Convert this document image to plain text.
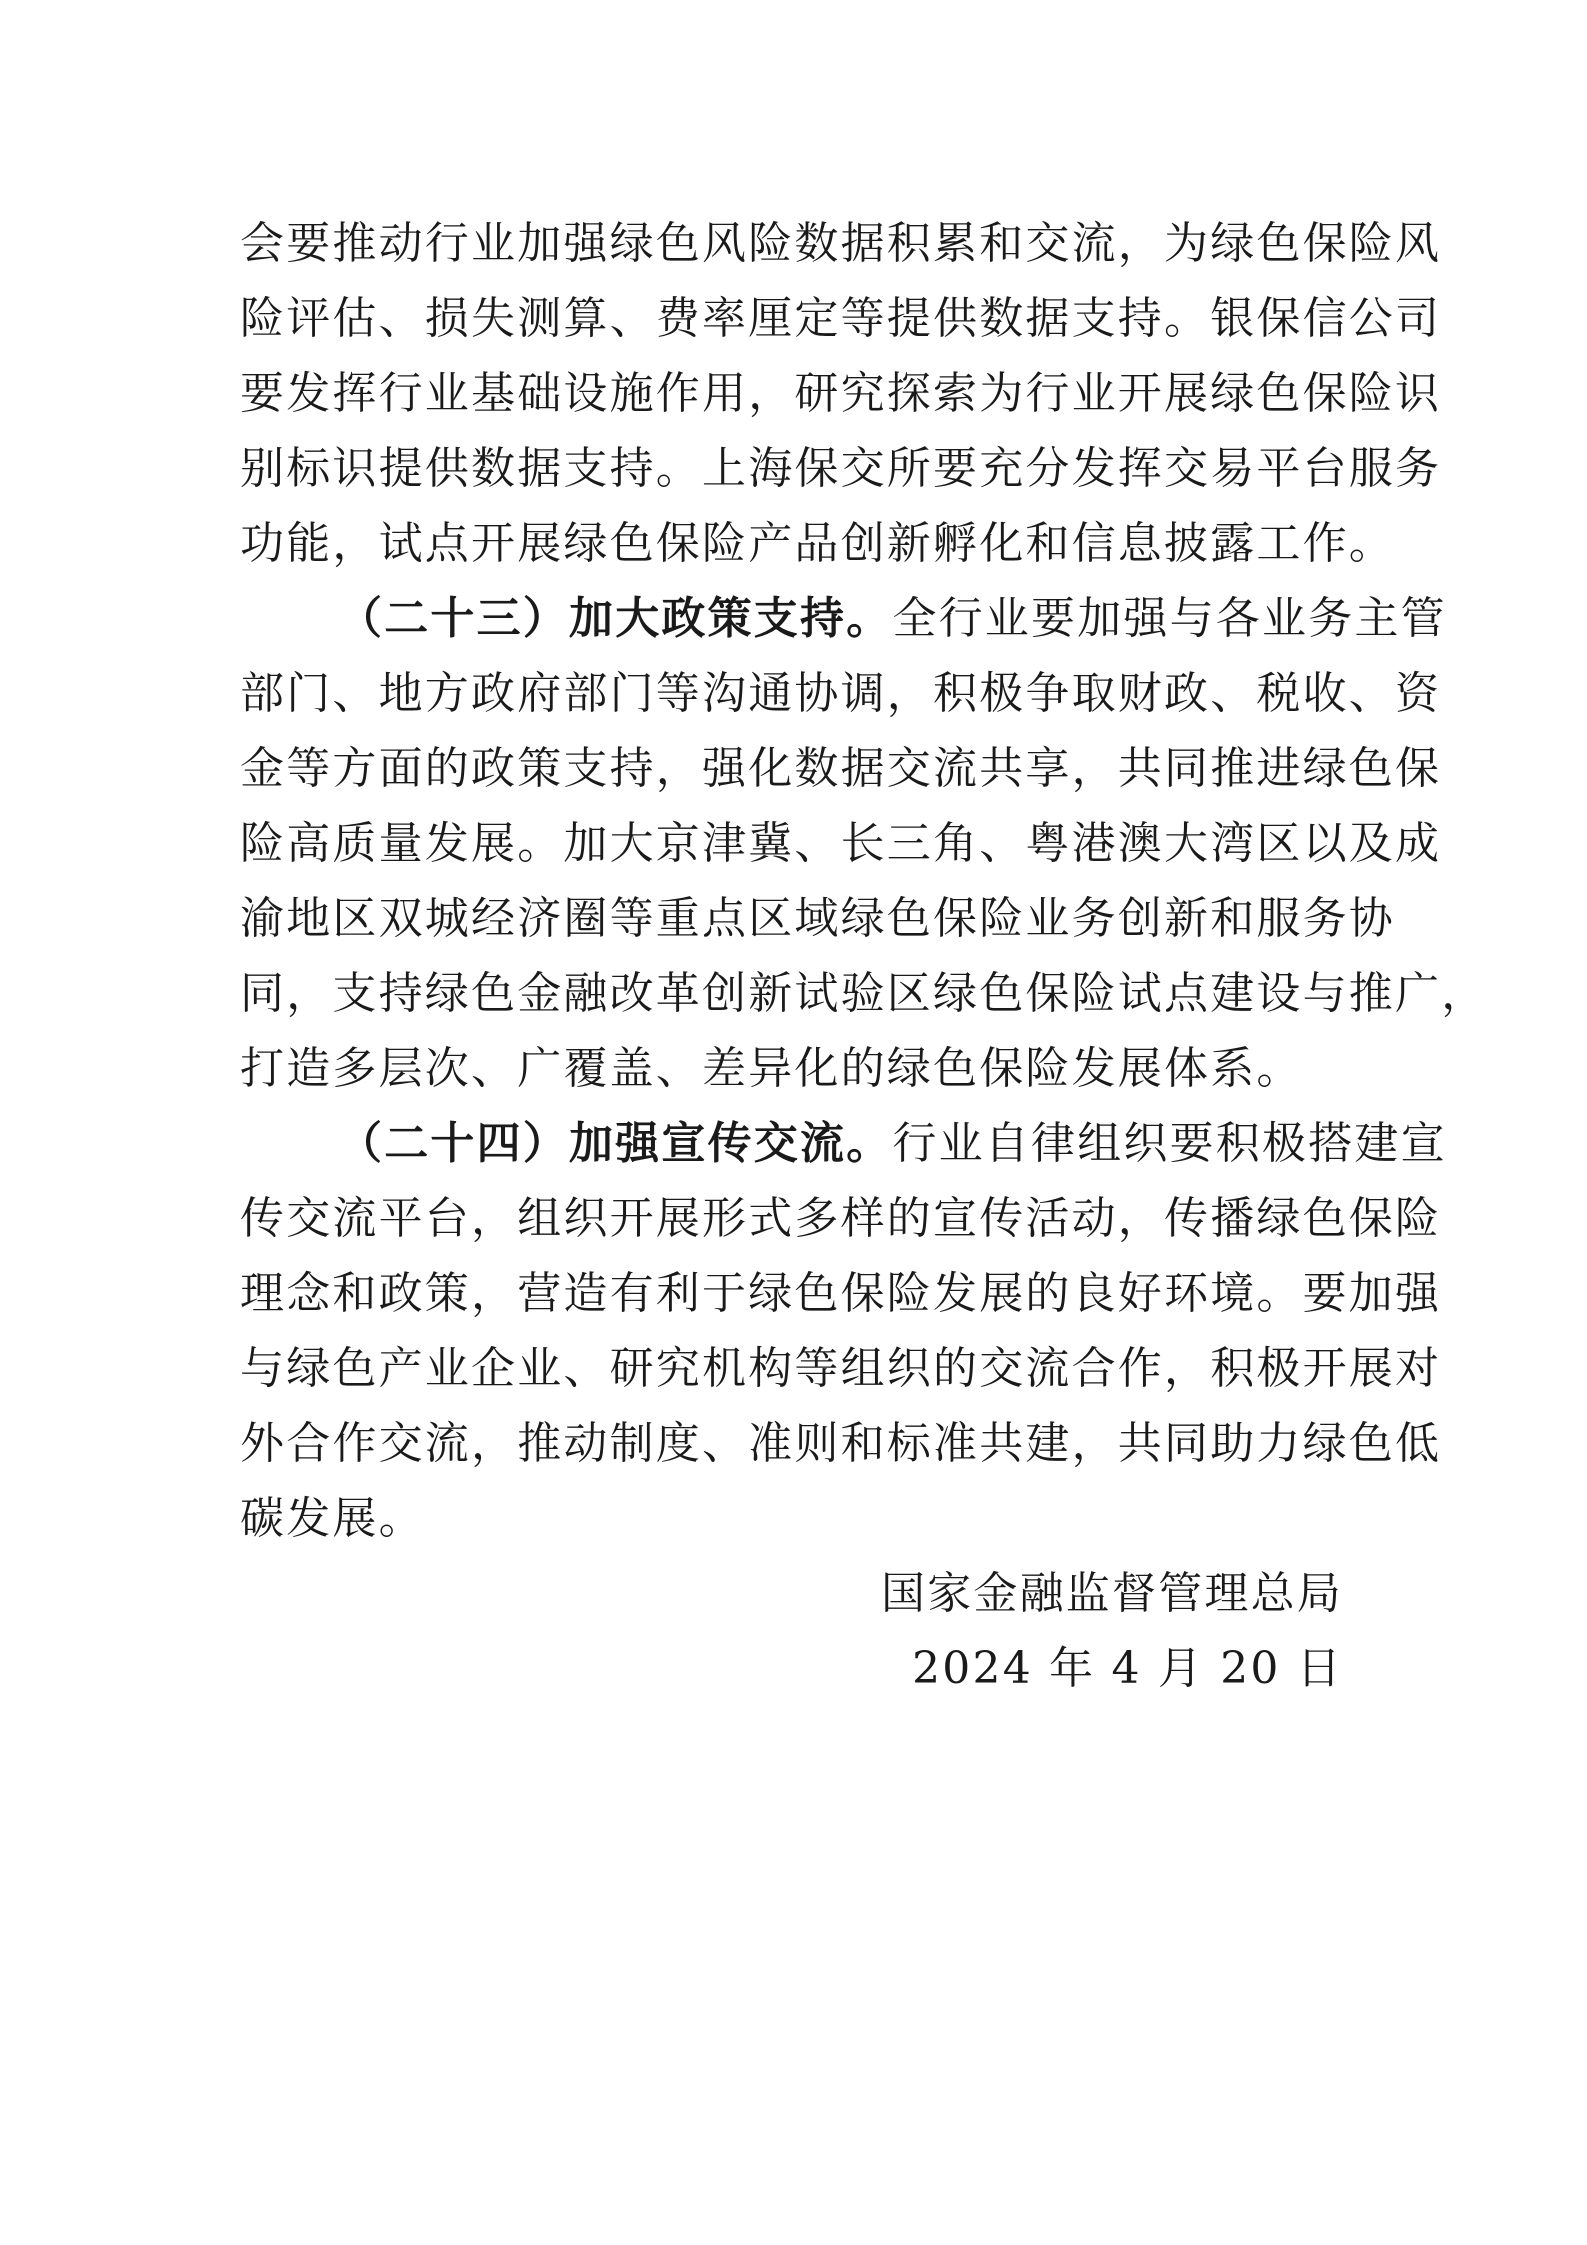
会要推动行业加强绿色风险数据积累和交流，为绿色保险风
险评估、损失测算、费率厘定等提供数据支持。银保信公司
要发挥行业基础设施作用，研究探索为行业开展绿色保险识
别标识提供数据支持。上海保交所要充分发挥交易平台服务
功能，试点开展绿色保险产品创新孵化和信息披露工作。
（二十三）加大政策支持。全行业要加强与各业务主管
部门、地方政府部门等沟通协调，积极争取财政、税收、资
金等方面的政策支持，强化数据交流共享，共同推进绿色保
险高质量发展。加大京津冀、长三角、粤港澳大湾区以及成
渝地区双城经济圈等重点区域绿色保险业务创新和服务协
同，支持绿色金融改革创新试验区绿色保险试点建设与推广，
打造多层次、广覆盖、差异化的绿色保险发展体系。
（二十四）加强宣传交流。行业自律组织要积极搭建宣
传交流平台，组织开展形式多样的宣传活动，传播绿色保险
理念和政策，营造有利于绿色保险发展的良好环境。要加强
与绿色产业企业、研究机构等组织的交流合作，积极开展对
外合作交流，推动制度、准则和标准共建，共同助力绿色低
碳发展。
国家金融监督管理总局
2024 年 4 月 20 日
